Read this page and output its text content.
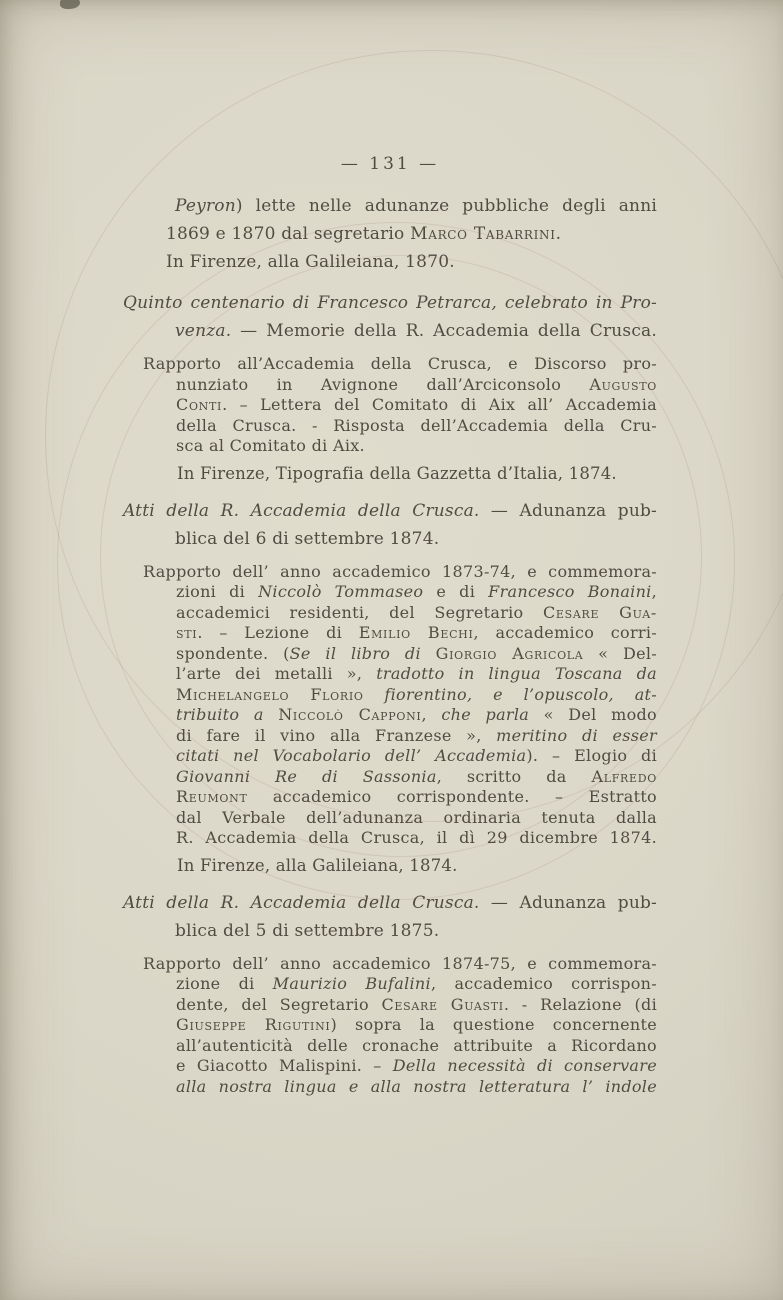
— 131 —
Peyron) lette nelle adunanze pubbliche degli anni
1869 e 1870 dal segretario Marco Tabarrini.
In Firenze, alla Galileiana, 1870.
Quinto centenario di Francesco Petrarca, celebrato in Pro-
venza. — Memorie della R. Accademia della Crusca.
Rapporto all’Accademia della Crusca, e Discorso pro-
nunziato in Avignone dall’Arciconsolo Augusto
Conti. – Lettera del Comitato di Aix all’ Accademia
della Crusca. - Risposta dell’Accademia della Cru-
sca al Comitato di Aix.
In Firenze, Tipografia della Gazzetta d’Italia, 1874.
Atti della R. Accademia della Crusca. — Adunanza pub-
blica del 6 di settembre 1874.
Rapporto dell’ anno accademico 1873-74, e commemora-
zioni di Niccolò Tommaseo e di Francesco Bonaini,
accademici residenti, del Segretario Cesare Gua-
sti. – Lezione di Emilio Bechi, accademico corri-
spondente. (Se il libro di Giorgio Agricola « Del-
l’arte dei metalli », tradotto in lingua Toscana da
Michelangelo Florio fiorentino, e l’opuscolo, at-
tribuito a Niccolò Capponi, che parla « Del modo
di fare il vino alla Franzese », meritino di esser
citati nel Vocabolario dell’ Accademia). – Elogio di
Giovanni Re di Sassonia, scritto da Alfredo
Reumont accademico corrispondente. – Estratto
dal Verbale dell’adunanza ordinaria tenuta dalla
R. Accademia della Crusca, il dì 29 dicembre 1874.
In Firenze, alla Galileiana, 1874.
Atti della R. Accademia della Crusca. — Adunanza pub-
blica del 5 di settembre 1875.
Rapporto dell’ anno accademico 1874-75, e commemora-
zione di Maurizio Bufalini, accademico corrispon-
dente, del Segretario Cesare Guasti. - Relazione (di
Giuseppe Rigutini) sopra la questione concernente
all’autenticità delle cronache attribuite a Ricordano
e Giacotto Malispini. – Della necessità di conservare
alla nostra lingua e alla nostra letteratura l’ indole
